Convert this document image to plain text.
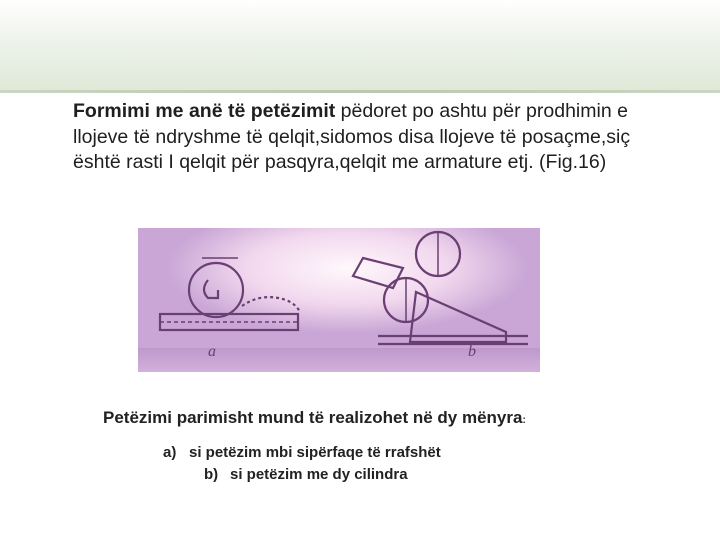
Formimi me anë të petëzimit pëdoret po ashtu për prodhimin e llojeve të ndryshme të qelqit,sidomos disa llojeve të posaçme,siç është rasti I qelqit për pasqyra,qelqit me armature etj. (Fig.16)

a	b
Petëzimi parimisht mund të realizohet në dy mënyra:
a) si petëzim mbi sipërfaqe të rrafshët
b) si petëzim me dy cilindra
